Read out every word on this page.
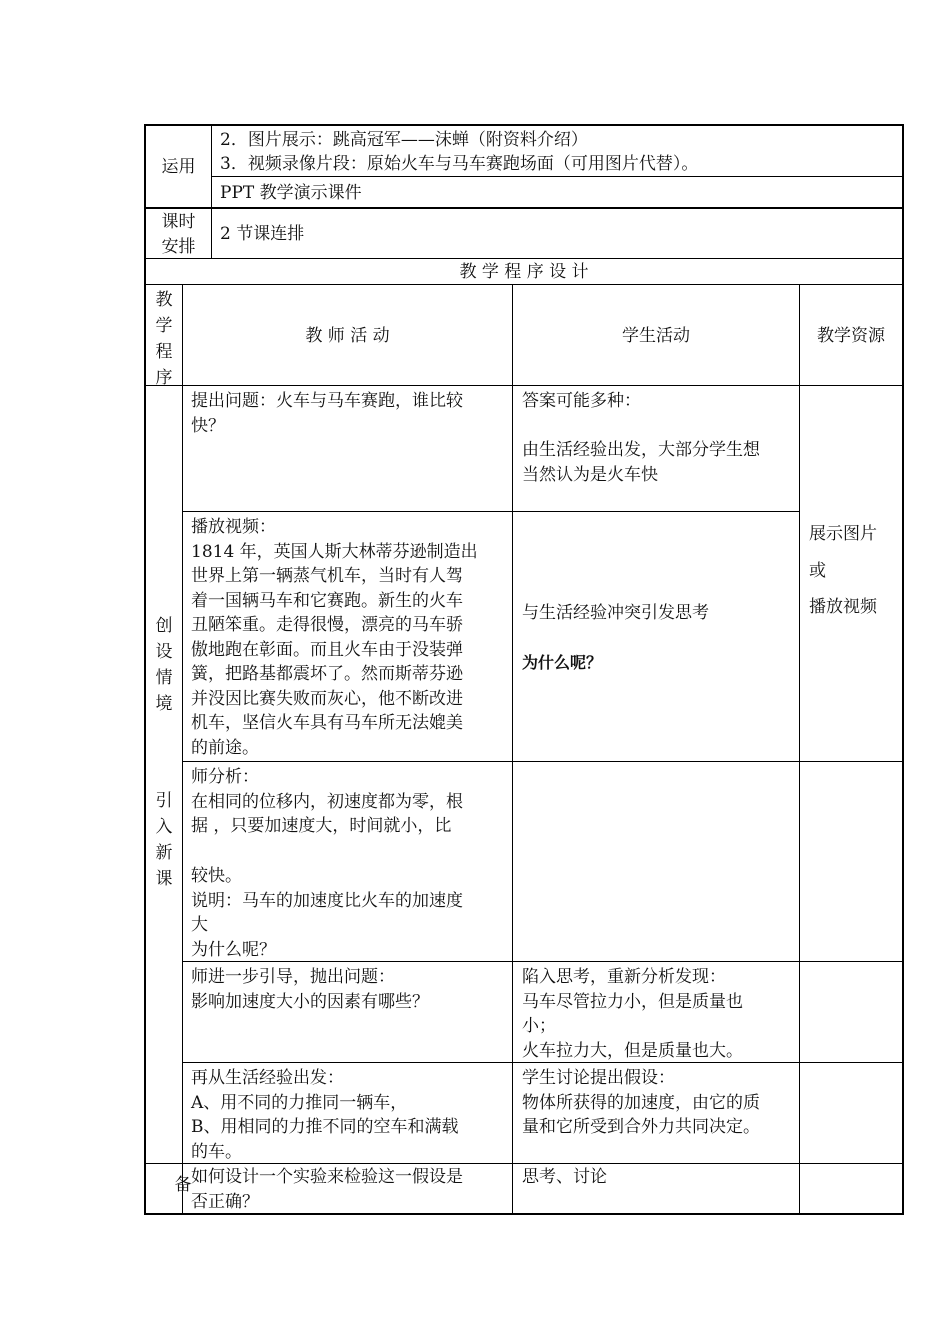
运用
2．图片展示：跳高冠军——沫蝉（附资料介绍）
3．视频录像片段：原始火车与马车赛跑场面（可用图片代替）。
PPT 教学演示课件
课时
安排
2 节课连排
教 学 程 序 设 计
教
学
程
序
教 师 活 动	学生活动	教学资源
创
设
情
境
引
入
新
课
备
提出问题：火车与马车赛跑，谁比较
快？
答案可能多种：
由生活经验出发，大部分学生想
当然认为是火车快
播放视频：
1814 年，英国人斯大林蒂芬逊制造出
世界上第一辆蒸气机车，当时有人驾
着一国辆马车和它赛跑。新生的火车
丑陋笨重。走得很慢，漂亮的马车骄
傲地跑在彰面。而且火车由于没装弹
簧，把路基都震坏了。然而斯蒂芬逊
并没因比赛失败而灰心，他不断改进
机车，坚信火车具有马车所无法媲美
的前途。
与生活经验冲突引发思考
为什么呢？
展示图片
或
播放视频
师分析：
在相同的位移内，初速度都为零，根
据 ，只要加速度大，时间就小，比
较快。
说明：马车的加速度比火车的加速度
大
为什么呢？
师进一步引导，抛出问题：
影响加速度大小的因素有哪些？
陷入思考，重新分析发现：
马车尽管拉力小，但是质量也
小；
火车拉力大，但是质量也大。
再从生活经验出发：
A、用不同的力推同一辆车，
B、用相同的力推不同的空车和满载
的车。
学生讨论提出假设：
物体所获得的加速度，由它的质
量和它所受到合外力共同决定。
如何设计一个实验来检验这一假设是
否正确？
思考、讨论
